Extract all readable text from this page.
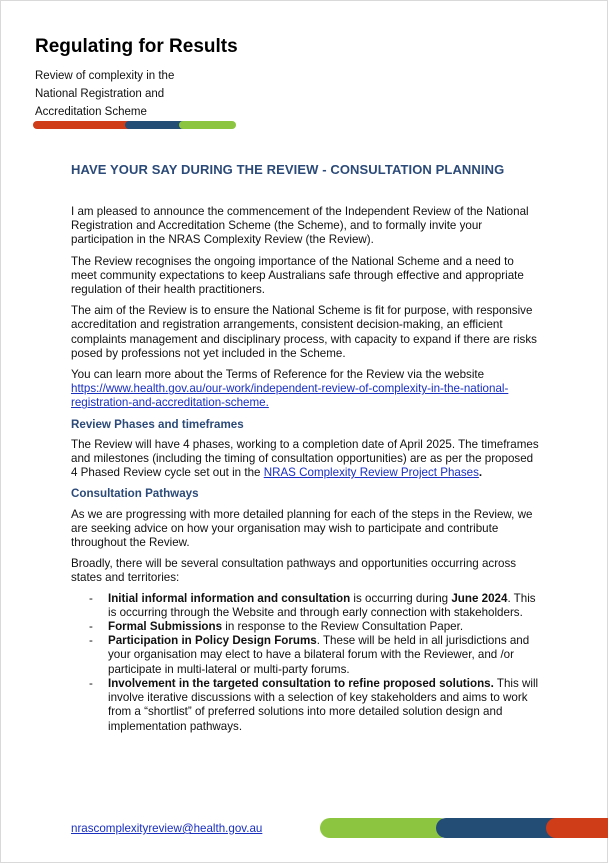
Regulating for Results
Review of complexity in the
National Registration and
Accreditation Scheme
HAVE YOUR SAY DURING THE REVIEW - CONSULTATION PLANNING

I am pleased to announce the commencement of the Independent Review of the National Registration and Accreditation Scheme (the Scheme), and to formally invite your participation in the NRAS Complexity Review (the Review).

The Review recognises the ongoing importance of the National Scheme and a need to meet community expectations to keep Australians safe through effective and appropriate regulation of their health practitioners.

The aim of the Review is to ensure the National Scheme is fit for purpose, with responsive accreditation and registration arrangements, consistent decision-making, an efficient complaints management and disciplinary process, with capacity to expand if there are risks posed by professions not yet included in the Scheme.

You can learn more about the Terms of Reference for the Review via the website https://www.health.gov.au/our-work/independent-review-of-complexity-in-the-national-registration-and-accreditation-scheme.

Review Phases and timeframes

The Review will have 4 phases, working to a completion date of April 2025. The timeframes and milestones (including the timing of consultation opportunities) are as per the proposed 4 Phased Review cycle set out in the NRAS Complexity Review Project Phases.

Consultation Pathways

As we are progressing with more detailed planning for each of the steps in the Review, we are seeking advice on how your organisation may wish to participate and contribute throughout the Review.

Broadly, there will be several consultation pathways and opportunities occurring across states and territories:

- Initial informal information and consultation is occurring during June 2024. This is occurring through the Website and through early connection with stakeholders.
- Formal Submissions in response to the Review Consultation Paper.
- Participation in Policy Design Forums. These will be held in all jurisdictions and your organisation may elect to have a bilateral forum with the Reviewer, and /or participate in multi-lateral or multi-party forums.
- Involvement in the targeted consultation to refine proposed solutions. This will involve iterative discussions with a selection of key stakeholders and aims to work from a “shortlist” of preferred solutions into more detailed solution design and implementation pathways.
nrascomplexityreview@health.gov.au
